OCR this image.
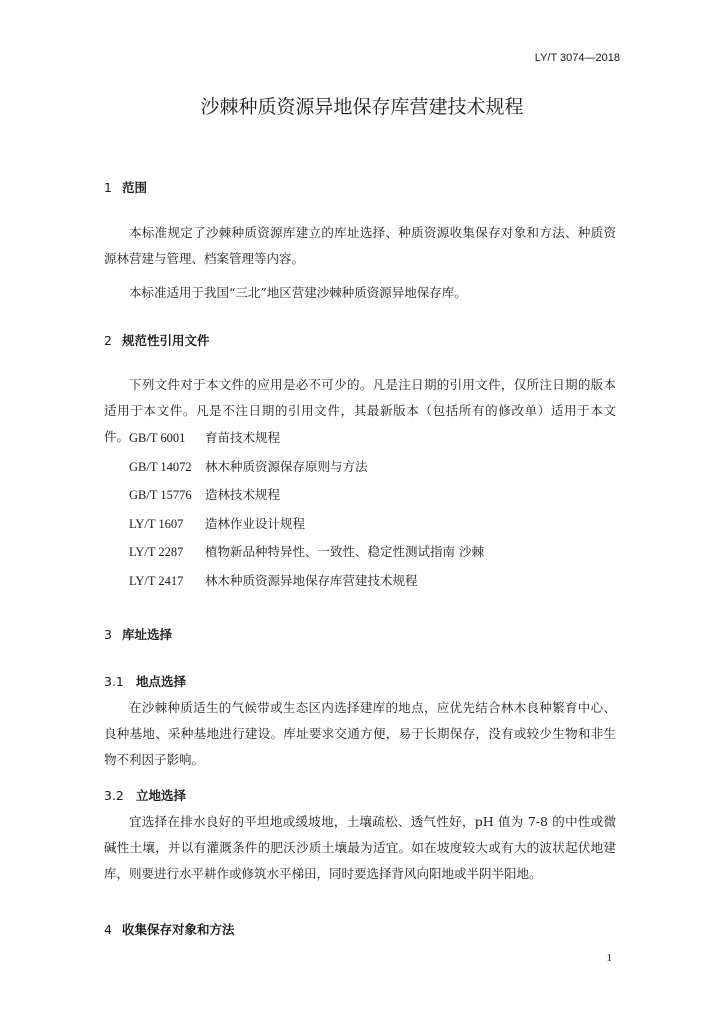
LY/T 3074—2018
沙棘种质资源异地保存库营建技术规程
1 范围

本标准规定了沙棘种质资源库建立的库址选择、种质资源收集保存对象和方法、种质资源林营建与管理、档案管理等内容。

本标准适用于我国“三北”地区营建沙棘种质资源异地保存库。

2 规范性引用文件

下列文件对于本文件的应用是必不可少的。凡是注日期的引用文件，仅所注日期的版本适用于本文件。凡是不注日期的引用文件，其最新版本（包括所有的修改单）适用于本文件。 GB/T 6001 育苗技术规程
GB/T 14072 林木种质资源保存原则与方法
GB/T 15776 造林技术规程
LY/T 1607 造林作业设计规程
LY/T 2287 植物新品种特异性、一致性、稳定性测试指南 沙棘
LY/T 2417 林木种质资源异地保存库营建技术规程
3 库址选择
3.1 地点选择

在沙棘种质适生的气候带或生态区内选择建库的地点，应优先结合林木良种繁育中心、良种基地、采种基地进行建设。库址要求交通方便，易于长期保存，没有或较少生物和非生物不利因子影响。

3.2 立地选择

宜选择在排水良好的平坦地或缓坡地，土壤疏松、透气性好，pH 值为 7-8 的中性或微碱性土壤，并以有灌溉条件的肥沃沙质土壤最为适宜。如在坡度较大或有大的波状起伏地建库，则要进行水平耕作或修筑水平梯田，同时要选择背风向阳地或半阴半阳地。

4 收集保存对象和方法
1
